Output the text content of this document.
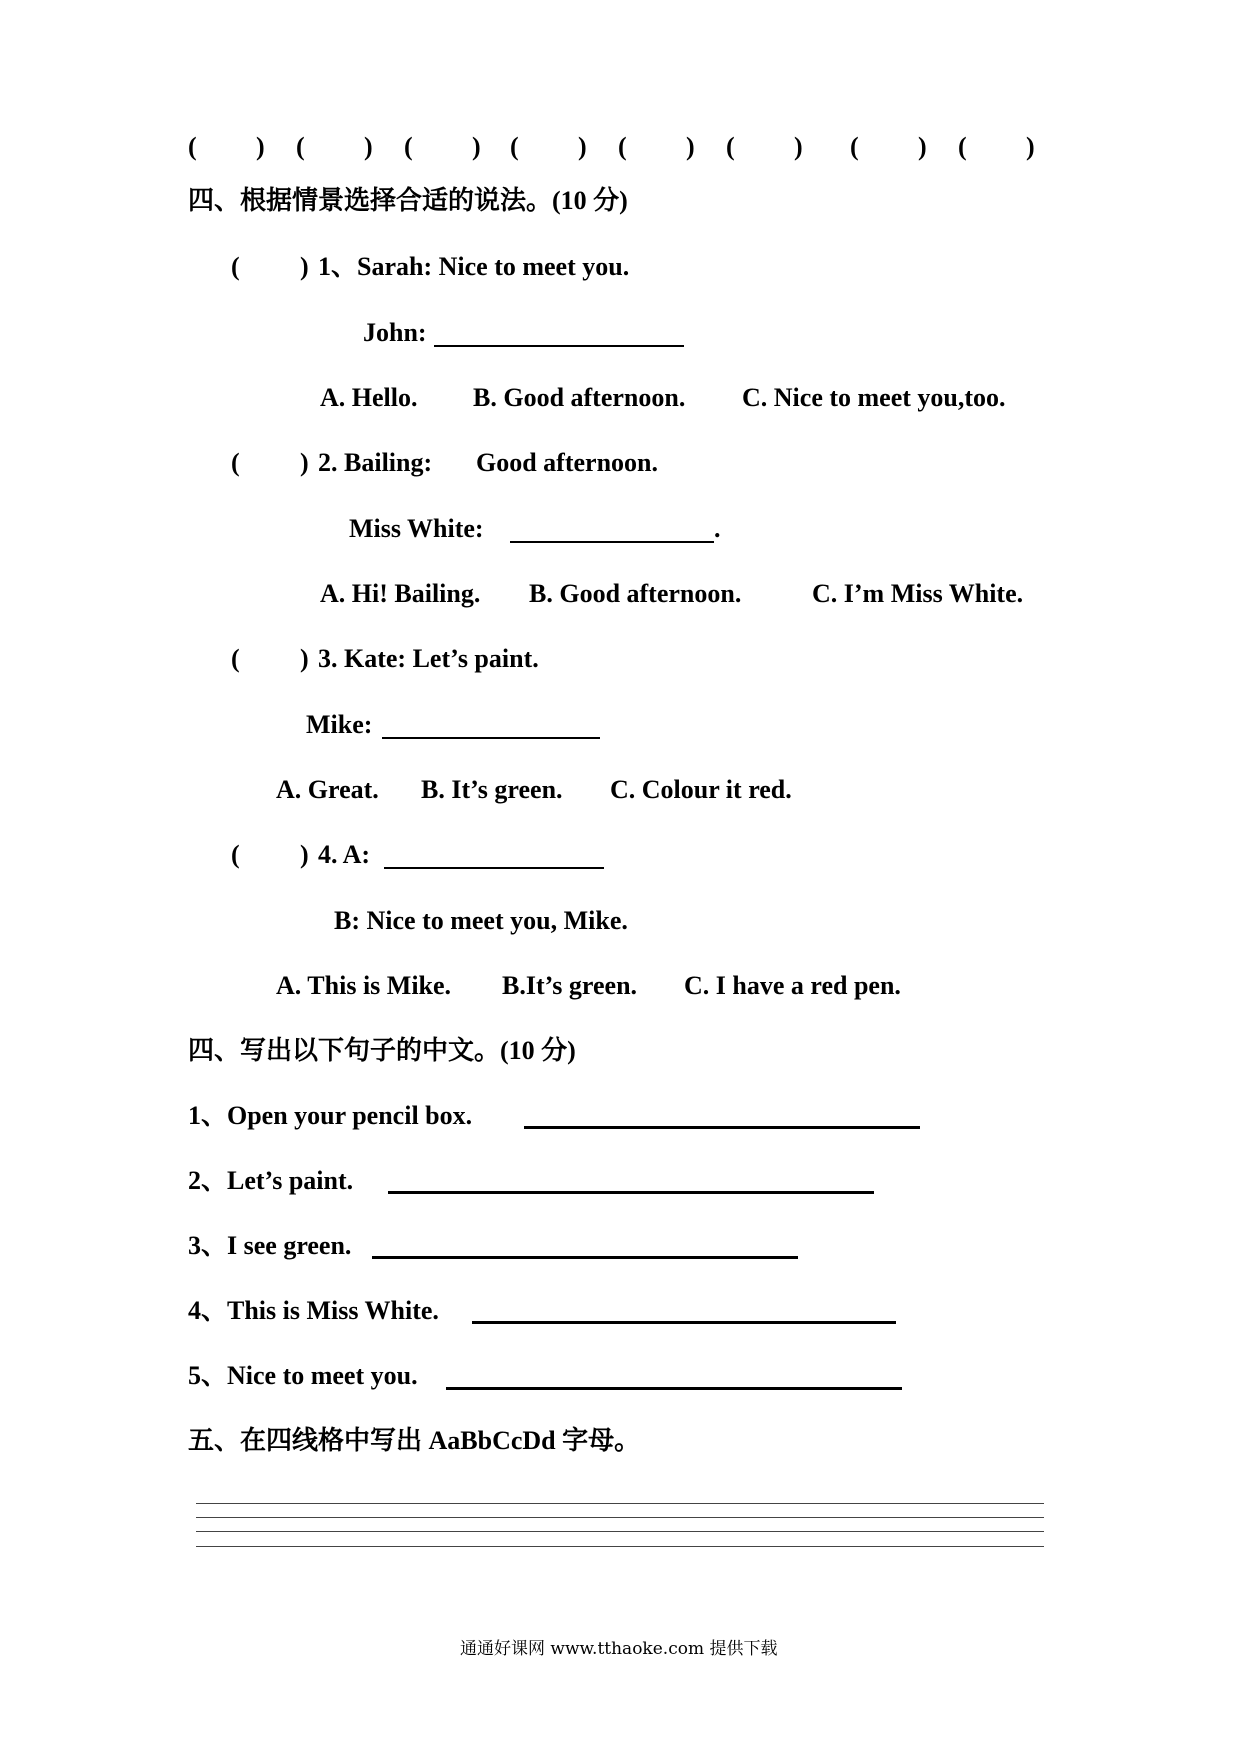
( ) ( ) ( ) ( ) ( ) ( ) ( ) ( )
四、根据情景选择合适的说法。(10 分)
( ) 1、Sarah: Nice to meet you.
John:
A. Hello. B. Good afternoon. C. Nice to meet you,too.
( ) 2. Bailing: Good afternoon.
Miss White:	.
A. Hi! Bailing. B. Good afternoon.	C. I’m Miss White.
( ) 3. Kate: Let’s paint.
Mike:
A. Great. B. It’s green. C. Colour it red.
( ) 4. A:
B: Nice to meet you, Mike.
A. This is Mike. B.It’s green. C. I have a red pen.
四、写出以下句子的中文。(10 分)
1、Open your pencil box.
2、Let’s paint.
3、I see green.
4、This is Miss White.
5、Nice to meet you.
五、在四线格中写出 AaBbCcDd 字母。
通通好课网 www.tthaoke.com 提供下载
